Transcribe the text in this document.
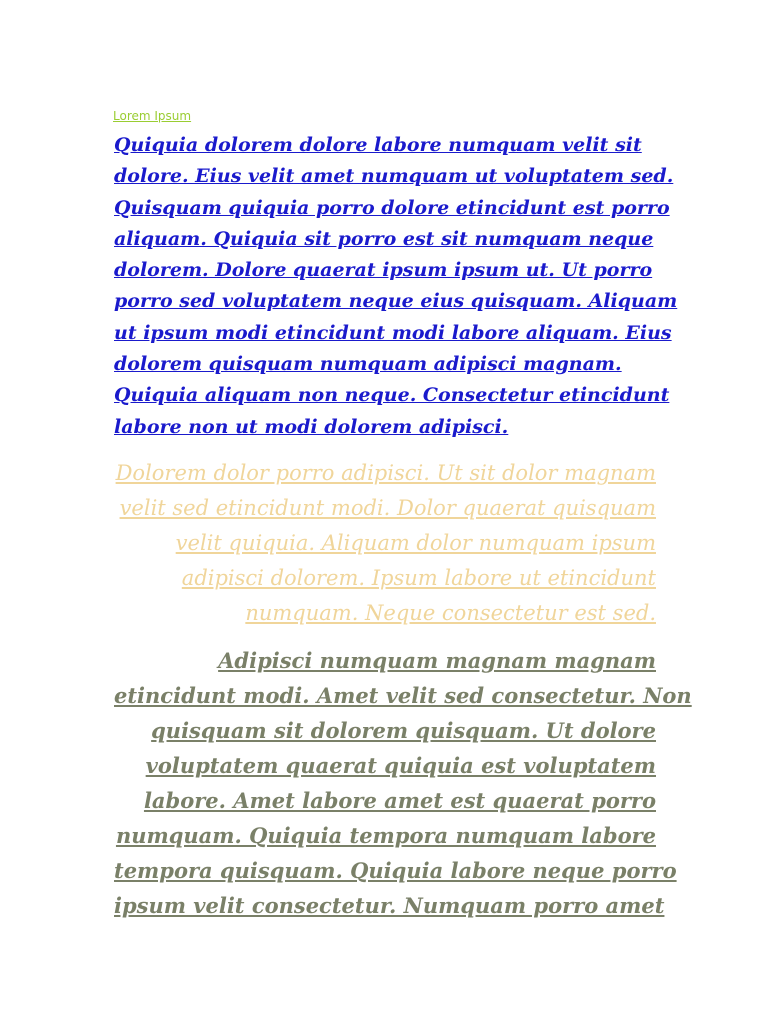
Lorem Ipsum

Quiquia dolorem dolore labore numquam velit sit
dolore. Eius velit amet numquam ut voluptatem sed.
Quisquam quiquia porro dolore etincidunt est porro
aliquam. Quiquia sit porro est sit numquam neque
dolorem. Dolore quaerat ipsum ipsum ut. Ut porro
porro sed voluptatem neque eius quisquam. Aliquam
ut ipsum modi etincidunt modi labore aliquam. Eius
dolorem quisquam numquam adipisci magnam.
Quiquia aliquam non neque. Consectetur etincidunt
labore non ut modi dolorem adipisci.

Dolorem dolor porro adipisci. Ut sit dolor magnam
velit sed etincidunt modi. Dolor quaerat quisquam
velit quiquia. Aliquam dolor numquam ipsum
adipisci dolorem. Ipsum labore ut etincidunt
numquam. Neque consectetur est sed.

Adipisci numquam magnam magnam
etincidunt modi. Amet velit sed consectetur. Non
quisquam sit dolorem quisquam. Ut dolore
voluptatem quaerat quiquia est voluptatem
labore. Amet labore amet est quaerat porro
numquam. Quiquia tempora numquam labore
tempora quisquam. Quiquia labore neque porro
ipsum velit consectetur. Numquam porro amet
